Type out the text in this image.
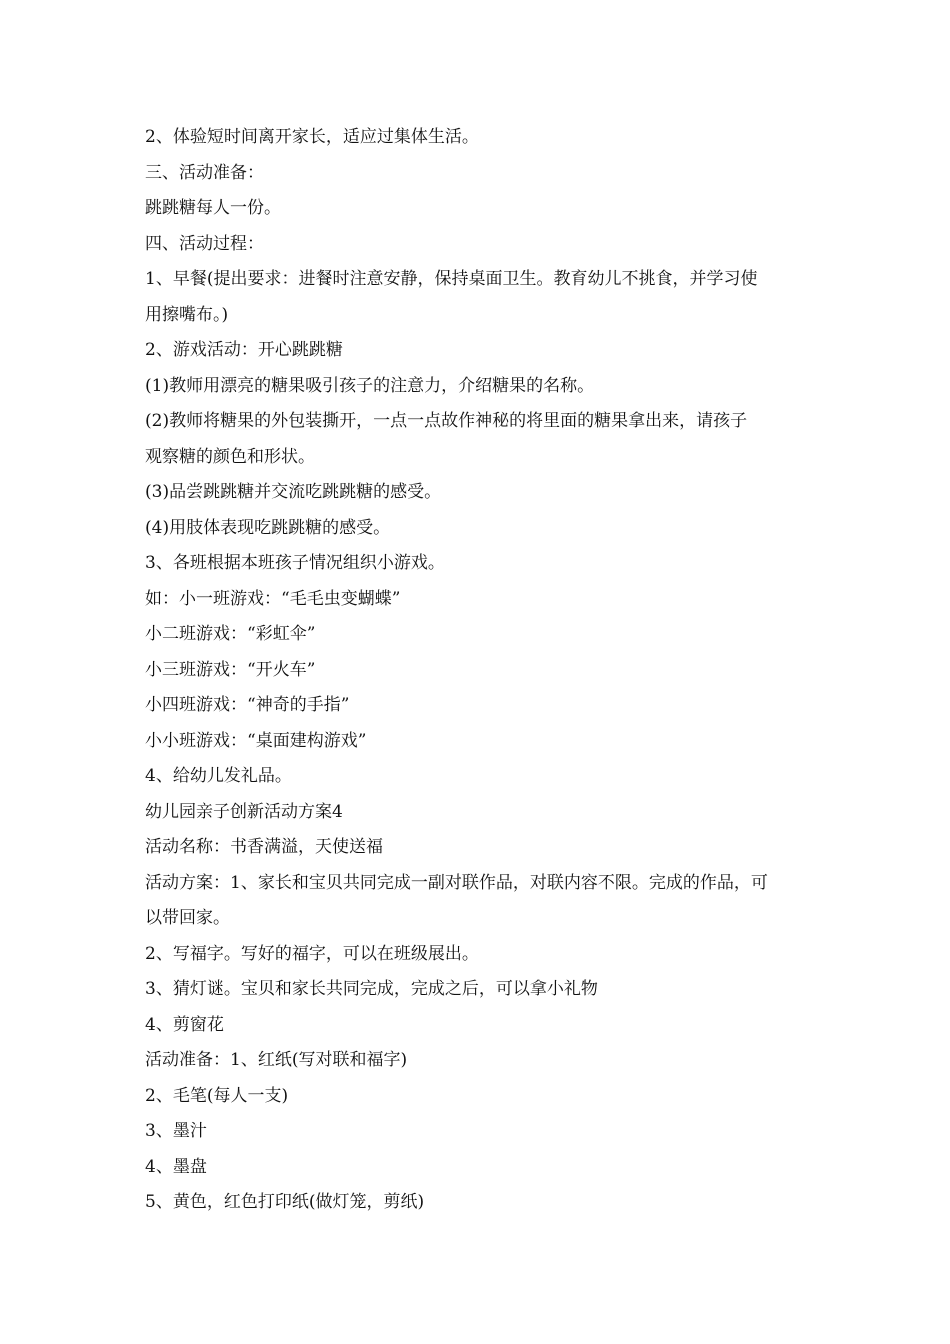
2、体验短时间离开家长，适应过集体生活。
三、活动准备：
跳跳糖每人一份。
四、活动过程：
1、早餐(提出要求：进餐时注意安静，保持桌面卫生。教育幼儿不挑食，并学习使
用擦嘴布。)
2、游戏活动：开心跳跳糖
(1)教师用漂亮的糖果吸引孩子的注意力，介绍糖果的名称。
(2)教师将糖果的外包装撕开，一点一点故作神秘的将里面的糖果拿出来，请孩子
观察糖的颜色和形状。
(3)品尝跳跳糖并交流吃跳跳糖的感受。
(4)用肢体表现吃跳跳糖的感受。
3、各班根据本班孩子情况组织小游戏。
如：小一班游戏：“毛毛虫变蝴蝶”
小二班游戏：“彩虹伞”
小三班游戏：“开火车”
小四班游戏：“神奇的手指”
小小班游戏：“桌面建构游戏”
4、给幼儿发礼品。
幼儿园亲子创新活动方案4
活动名称：书香满溢，天使送福
活动方案：1、家长和宝贝共同完成一副对联作品，对联内容不限。完成的作品，可
以带回家。
2、写福字。写好的福字，可以在班级展出。
3、猜灯谜。宝贝和家长共同完成，完成之后，可以拿小礼物
4、剪窗花
活动准备：1、红纸(写对联和福字)
2、毛笔(每人一支)
3、墨汁
4、墨盘
5、黄色，红色打印纸(做灯笼，剪纸)
